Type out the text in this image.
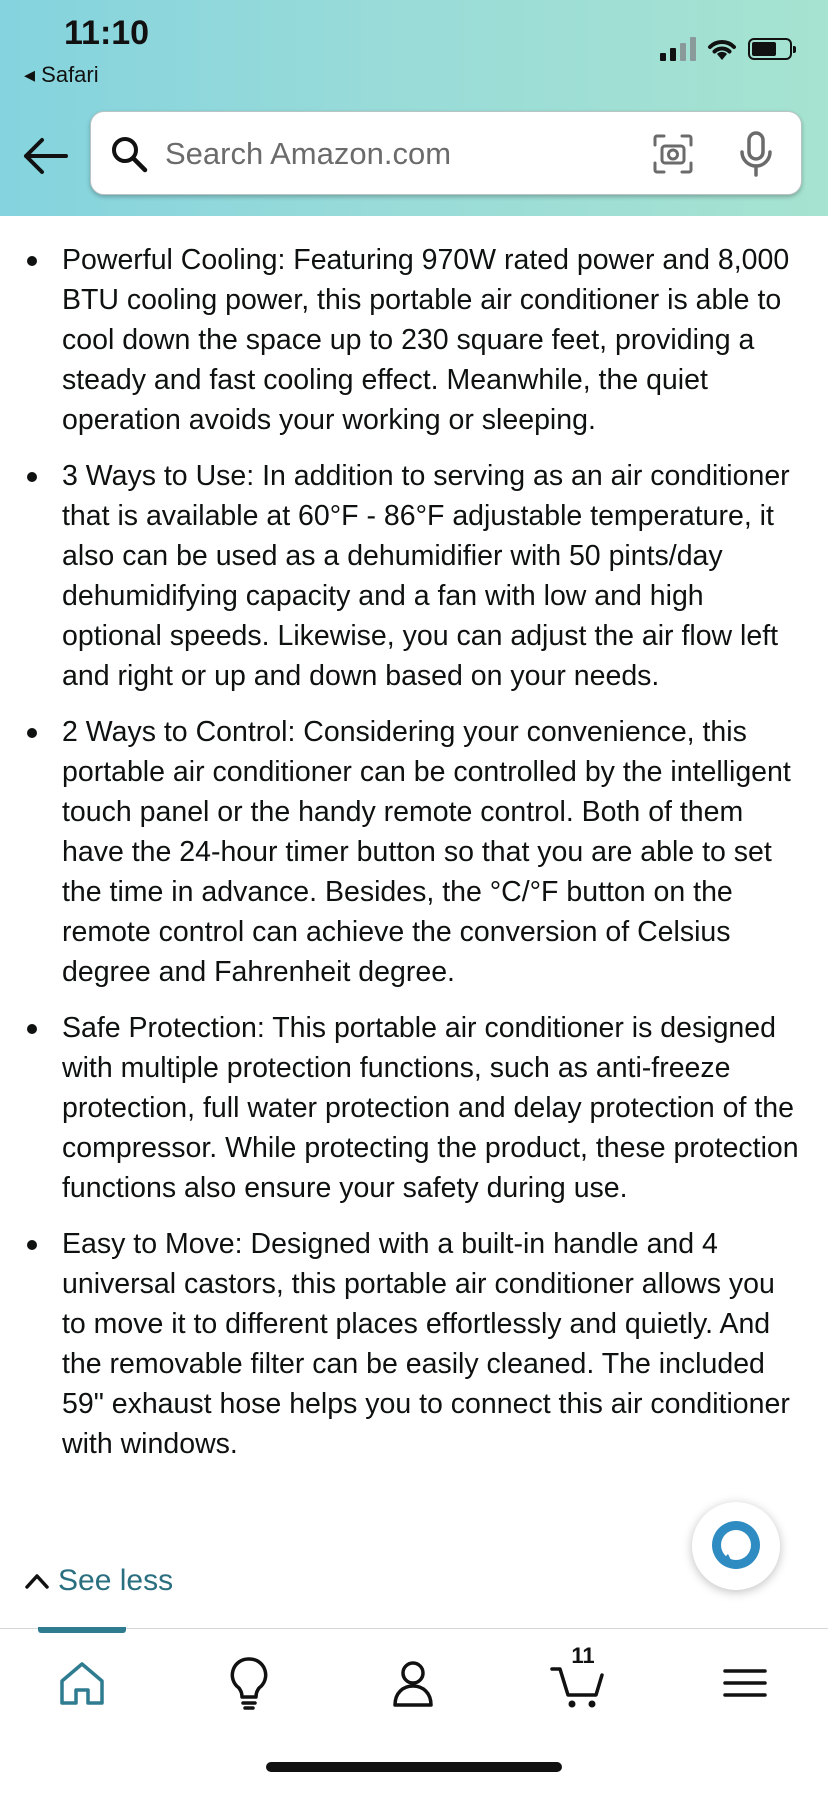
11:10
◂ Safari
Search Amazon.com
Powerful Cooling: Featuring 970W rated power and 8,000 BTU cooling power, this portable air conditioner is able to cool down the space up to 230 square feet, providing a steady and fast cooling effect. Meanwhile, the quiet operation avoids your working or sleeping.
3 Ways to Use: In addition to serving as an air conditioner that is available at 60°F - 86°F adjustable temperature, it also can be used as a dehumidifier with 50 pints/day dehumidifying capacity and a fan with low and high optional speeds. Likewise, you can adjust the air flow left and right or up and down based on your needs.
2 Ways to Control: Considering your convenience, this portable air conditioner can be controlled by the intelligent touch panel or the handy remote control. Both of them have the 24-hour timer button so that you are able to set the time in advance. Besides, the °C/°F button on the remote control can achieve the conversion of Celsius degree and Fahrenheit degree.
Safe Protection: This portable air conditioner is designed with multiple protection functions, such as anti-freeze protection, full water protection and delay protection of the compressor. While protecting the product, these protection functions also ensure your safety during use.
Easy to Move: Designed with a built-in handle and 4 universal castors, this portable air conditioner allows you to move it to different places effortlessly and quietly. And the removable filter can be easily cleaned. The included 59" exhaust hose helps you to connect this air conditioner with windows.
See less
11
